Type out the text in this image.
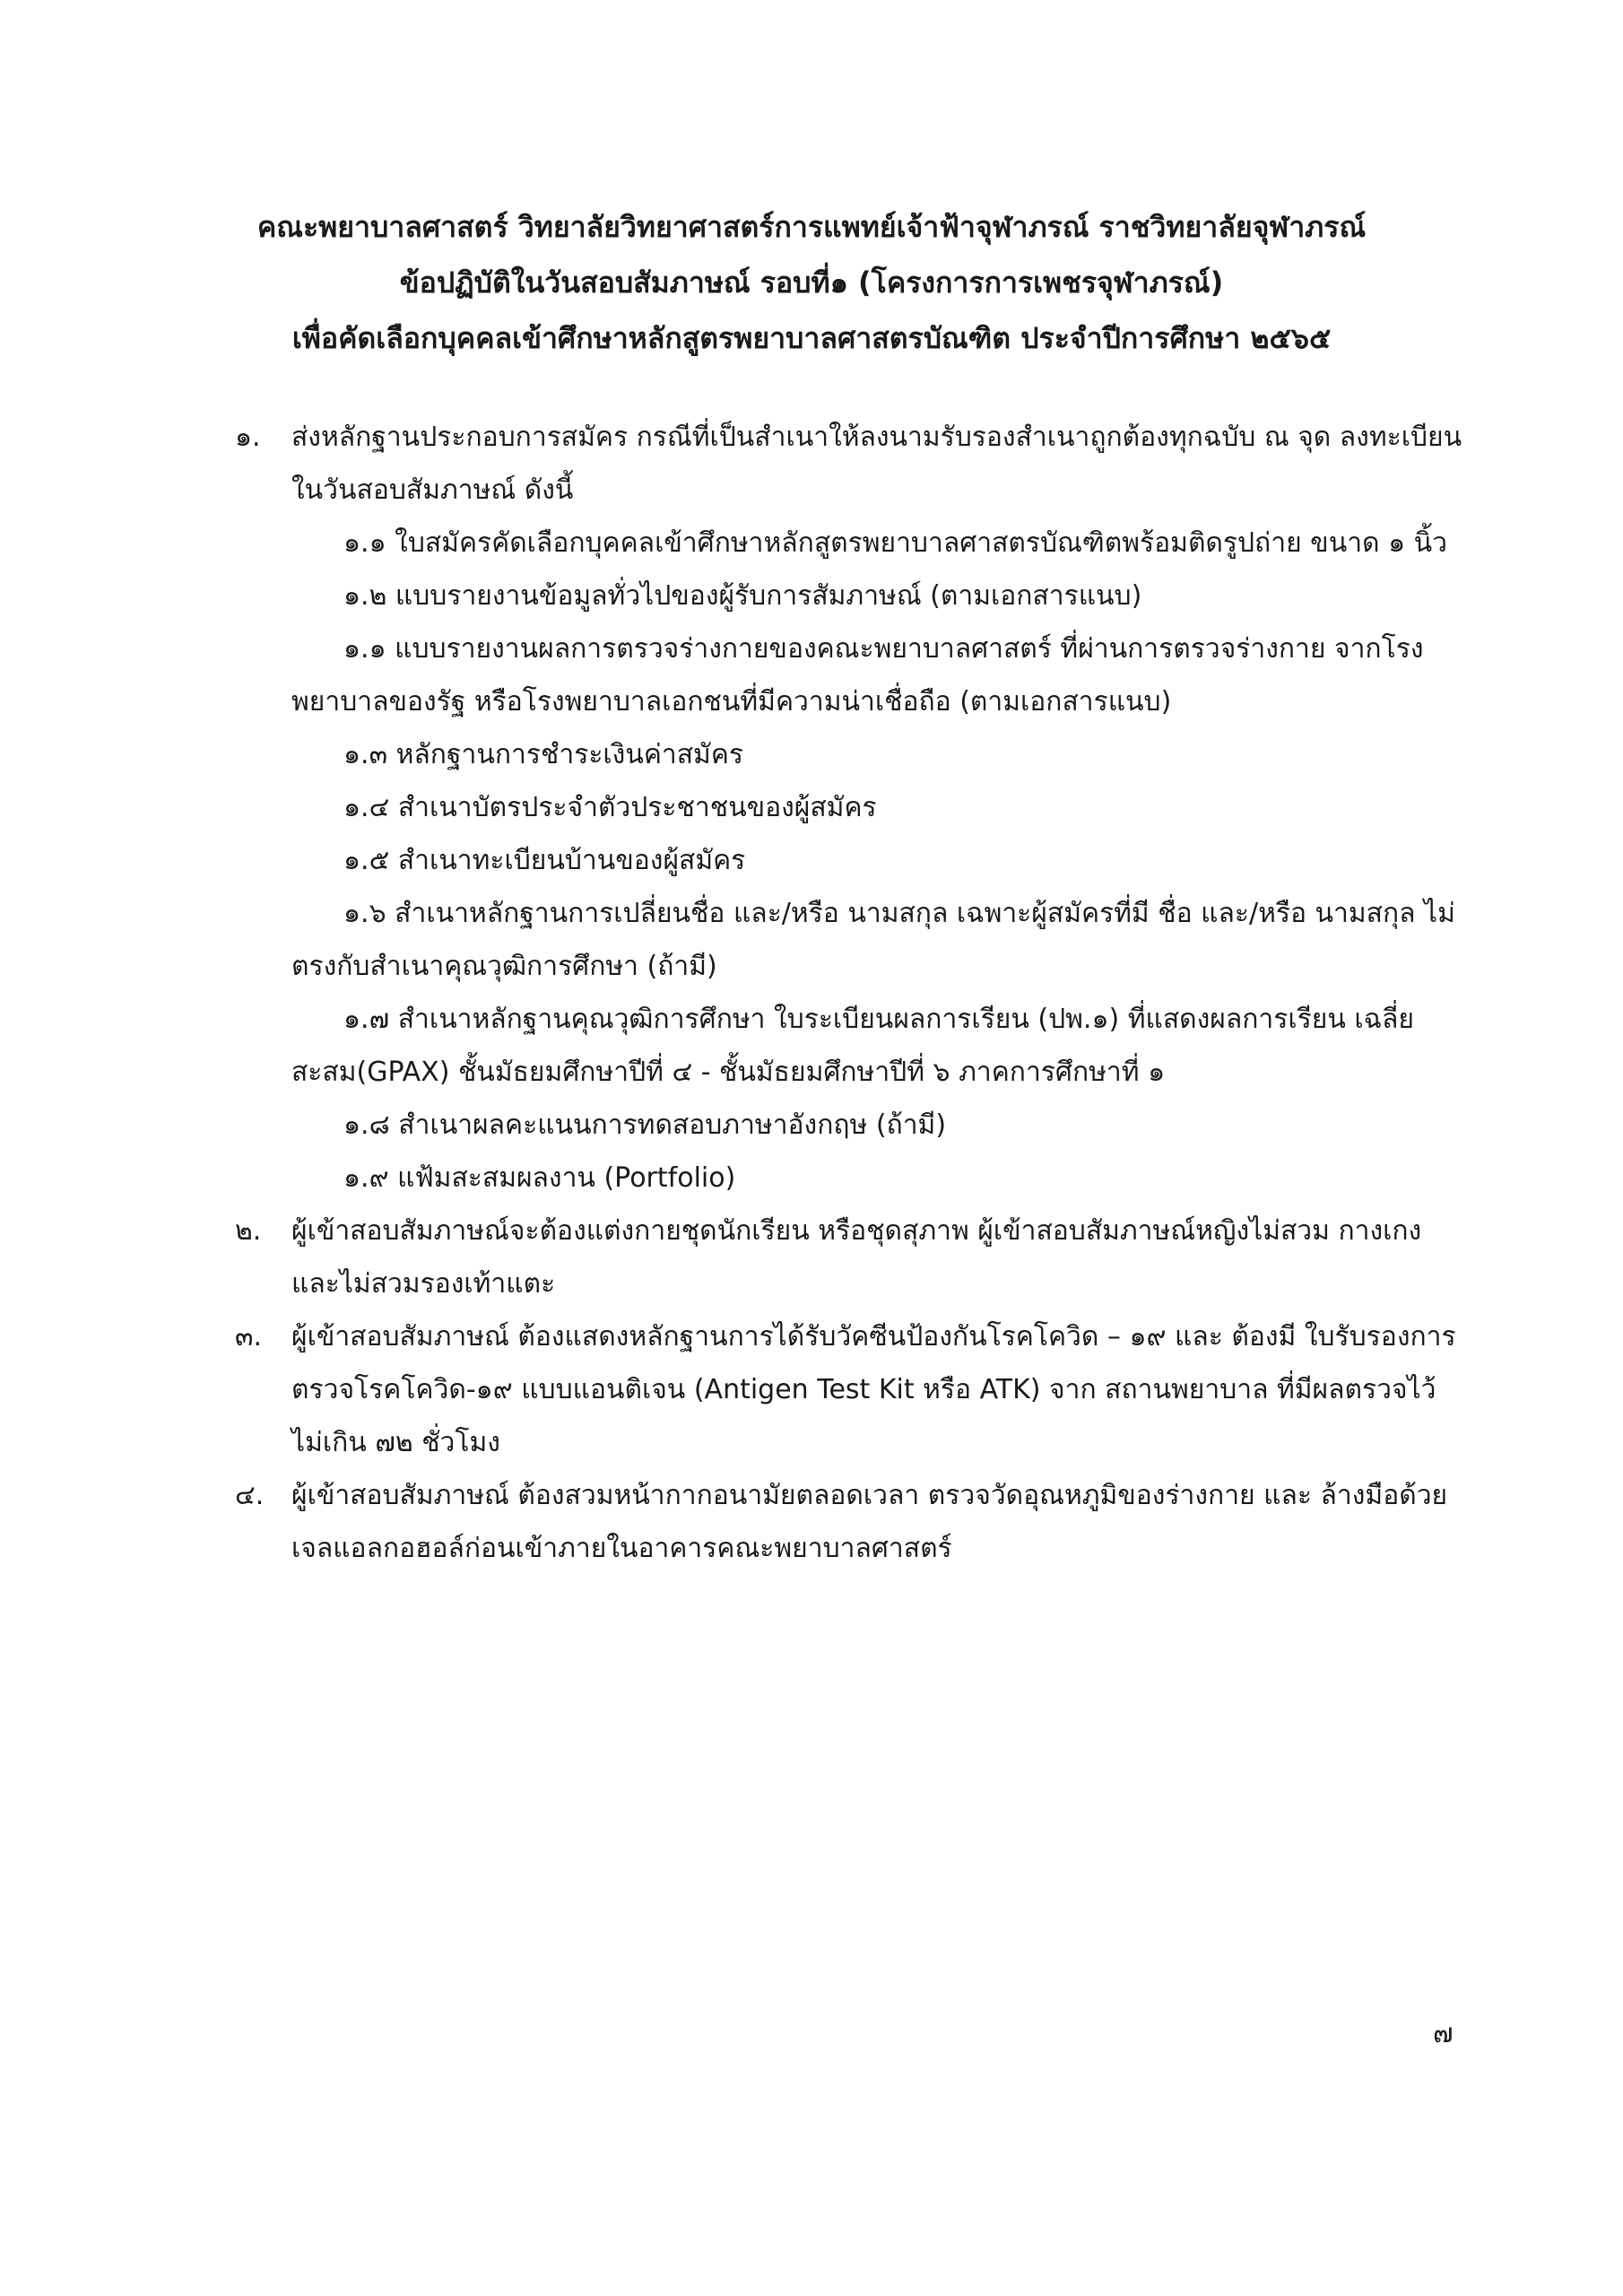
คณะพยาบาลศาสตร์ วิทยาลัยวิทยาศาสตร์การแพทย์เจ้าฟ้าจุฬาภรณ์ ราชวิทยาลัยจุฬาภรณ์
ข้อปฏิบัติในวันสอบสัมภาษณ์ รอบที่๑ (โครงการการเพชรจุฬาภรณ์)
เพื่อคัดเลือกบุคคลเข้าศึกษาหลักสูตรพยาบาลศาสตรบัณฑิต ประจำปีการศึกษา ๒๕๖๕
๑. ส่งหลักฐานประกอบการสมัคร กรณีที่เป็นสำเนาให้ลงนามรับรองสำเนาถูกต้องทุกฉบับ ณ จุด ลงทะเบียนในวันสอบสัมภาษณ์ ดังนี้
๑.๑ ใบสมัครคัดเลือกบุคคลเข้าศึกษาหลักสูตรพยาบาลศาสตรบัณฑิตพร้อมติดรูปถ่าย ขนาด ๑ นิ้ว
๑.๒ แบบรายงานข้อมูลทั่วไปของผู้รับการสัมภาษณ์ (ตามเอกสารแนบ)
๑.๑ แบบรายงานผลการตรวจร่างกายของคณะพยาบาลศาสตร์ ที่ผ่านการตรวจร่างกาย จากโรงพยาบาลของรัฐ หรือโรงพยาบาลเอกชนที่มีความน่าเชื่อถือ (ตามเอกสารแนบ)
๑.๓ หลักฐานการชำระเงินค่าสมัคร
๑.๔ สำเนาบัตรประจำตัวประชาชนของผู้สมัคร
๑.๕ สำเนาทะเบียนบ้านของผู้สมัคร
๑.๖ สำเนาหลักฐานการเปลี่ยนชื่อ และ/หรือ นามสกุล เฉพาะผู้สมัครที่มี ชื่อ และ/หรือ นามสกุล ไม่ตรงกับสำเนาคุณวุฒิการศึกษา (ถ้ามี)
๑.๗ สำเนาหลักฐานคุณวุฒิการศึกษา ใบระเบียนผลการเรียน (ปพ.๑) ที่แสดงผลการเรียน เฉลี่ยสะสม(GPAX) ชั้นมัธยมศึกษาปีที่ ๔ - ชั้นมัธยมศึกษาปีที่ ๖ ภาคการศึกษาที่ ๑
๑.๘ สำเนาผลคะแนนการทดสอบภาษาอังกฤษ (ถ้ามี)
๑.๙ แฟ้มสะสมผลงาน (Portfolio)
๒. ผู้เข้าสอบสัมภาษณ์จะต้องแต่งกายชุดนักเรียน หรือชุดสุภาพ ผู้เข้าสอบสัมภาษณ์หญิงไม่สวม กางเกง และไม่สวมรองเท้าแตะ
๓. ผู้เข้าสอบสัมภาษณ์ ต้องแสดงหลักฐานการได้รับวัคซีนป้องกันโรคโควิด – ๑๙ และ ต้องมี ใบรับรองการตรวจโรคโควิด-๑๙ แบบแอนติเจน (Antigen Test Kit หรือ ATK) จาก สถานพยาบาล ที่มีผลตรวจไว้ไม่เกิน ๗๒ ชั่วโมง
๔. ผู้เข้าสอบสัมภาษณ์ ต้องสวมหน้ากากอนามัยตลอดเวลา ตรวจวัดอุณหภูมิของร่างกาย และ ล้างมือด้วยเจลแอลกอฮอล์ก่อนเข้าภายในอาคารคณะพยาบาลศาสตร์
๗
